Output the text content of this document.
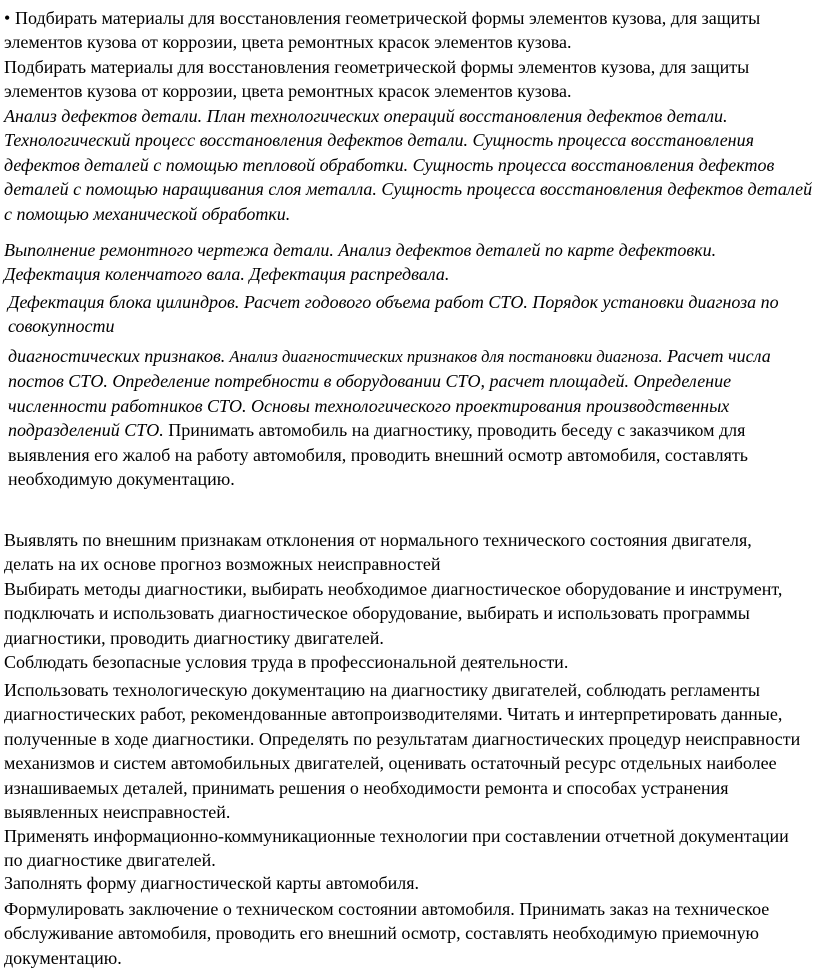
• Подбирать материалы для восстановления геометрической формы элементов кузова, для защиты элементов кузова от коррозии, цвета ремонтных красок элементов кузова.

Подбирать материалы для восстановления геометрической формы элементов кузова, для защиты элементов кузова от коррозии, цвета ремонтных красок элементов кузова.

Анализ дефектов детали. План технологических операций восстановления дефектов детали. Технологический процесс восстановления дефектов детали. Сущность процесса восстановления дефектов деталей с помощью тепловой обработки. Сущность процесса восстановления дефектов деталей с помощью наращивания слоя металла. Сущность процесса восстановления дефектов деталей с помощью механической обработки.

Выполнение ремонтного чертежа детали. Анализ дефектов деталей по карте дефектовки.

Дефектация коленчатого вала. Дефектация распредвала.

Дефектация блока цилиндров. Расчет годового объема работ СТО. Порядок установки диагноза по совокупности

диагностических признаков. Анализ диагностических признаков для постановки диагноза. Расчет числа постов СТО. Определение потребности в оборудовании СТО, расчет площадей. Определение численности работников СТО. Основы технологического проектирования производственных подразделений СТО. Принимать автомобиль на диагностику, проводить беседу с заказчиком для выявления его жалоб на работу автомобиля, проводить внешний осмотр автомобиля, составлять необходимую документацию.

Выявлять по внешним признакам отклонения от нормального технического состояния двигателя, делать на их основе прогноз возможных неисправностей

Выбирать методы диагностики, выбирать необходимое диагностическое оборудование и инструмент, подключать и использовать диагностическое оборудование, выбирать и использовать программы диагностики, проводить диагностику двигателей.

Соблюдать безопасные условия труда в профессиональной деятельности.

Использовать технологическую документацию на диагностику двигателей, соблюдать регламенты диагностических работ, рекомендованные автопроизводителями. Читать и интерпретировать данные, полученные в ходе диагностики. Определять по результатам диагностических процедур неисправности механизмов и систем автомобильных двигателей, оценивать остаточный ресурс отдельных наиболее изнашиваемых деталей, принимать решения о необходимости ремонта и способах устранения выявленных неисправностей.

Применять информационно-коммуникационные технологии при составлении отчетной документации по диагностике двигателей.

Заполнять форму диагностической карты автомобиля.

Формулировать заключение о техническом состоянии автомобиля. Принимать заказ на техническое обслуживание автомобиля, проводить его внешний осмотр, составлять необходимую приемочную документацию.
